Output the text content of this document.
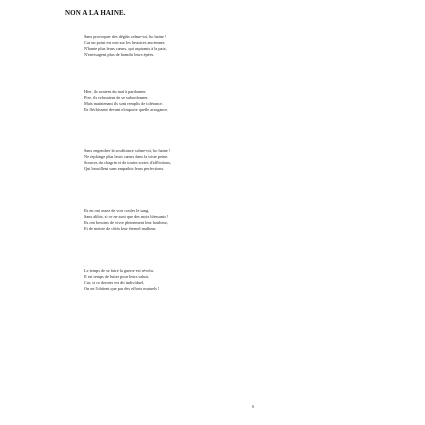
NON A LA HAINE.
Sans provoquer des dégâts calme-toi, ho haine !
Car un point est mis sur les histoires anciennes.
N'hante plus leurs cœurs, qui aspirants à la paix,
N'envisagent plus de brandir leurs épées.
Hier, ils avaient du mal à pardonner.
Pire, ils refusaient de se subordonner.
Mais maintenant ils sont remplis de tolérance.
Ils fléchissent devant n'importe quelle arrogance.
Sans engendrer la souffrance calme-toi, ho haine !
Ne replonge plus leurs cœurs dans la triste peine.
Sources du chagrin et de toutes sortes d'afflictions,
Qui brouillent sans empathie leurs perfections.
Ils en ont assez de voir couler le sang,
Sans alibis, si ce ne sont que des mots blessants !
Ils ont besoins de vivre pleinement leur bonheur,
Et de mettre de côtés leur éternel malheur.
Le temps de se faire la guerre est révolu.
Il est temps de lutter pour leurs saluts.
Car, si ce dernier est dit individuel,
On ne l'obtient que par des efforts mutuels !
6
